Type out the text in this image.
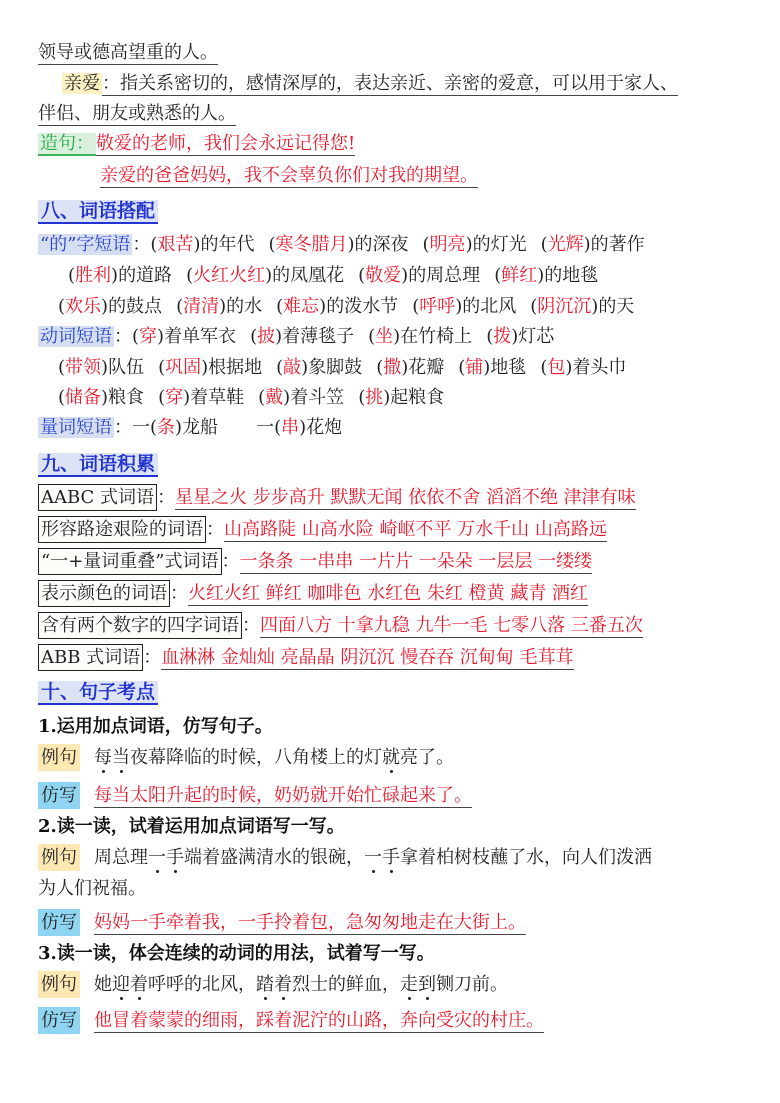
领导或德高望重的人。
亲爱 ：指关系密切的，感情深厚的，表达亲近、亲密的爱意，可以用于家人、
伴侣、朋友或熟悉的人。
造句： 敬爱的老师，我们会永远记得您!
亲爱的爸爸妈妈，我不会辜负你们对我的期望。
八、词语搭配
“的”字短语 ：(艰苦)的年代 (寒冬腊月)的深夜 (明亮)的灯光 (光辉)的著作
(胜利)的道路 (火红火红)的凤凰花 (敬爱)的周总理 (鲜红)的地毯
(欢乐)的鼓点 (清清)的水 (难忘)的泼水节 (呼呼)的北风 (阴沉沉)的天
动词短语 ：(穿)着单军衣 (披)着薄毯子 (坐)在竹椅上 (拨)灯芯
(带领)队伍 (巩固)根据地 (敲)象脚鼓 (撒)花瓣 (铺)地毯 (包)着头巾
(储备)粮食 (穿)着草鞋 (戴)着斗笠 (挑)起粮食
量词短语 ：一(条)龙船 一(串)花炮
九、词语积累
AABC 式词语 ：星星之火 步步高升 默默无闻 依依不舍 滔滔不绝 津津有味
形容路途艰险的词语 ：山高路陡 山高水险 崎岖不平 万水千山 山高路远
“一+量词重叠”式词语 ：一条条 一串串 一片片 一朵朵 一层层 一缕缕
表示颜色的词语 ：火红火红 鲜红 咖啡色 水红色 朱红 橙黄 藏青 酒红
含有两个数字的四字词语 ：四面八方 十拿九稳 九牛一毛 七零八落 三番五次
ABB 式词语 ：血淋淋 金灿灿 亮晶晶 阴沉沉 慢吞吞 沉甸甸 毛茸茸
十、句子考点
1.运用加点词语，仿写句子。
例句 每当夜幕降临的时候，八角楼上的灯就亮了。
仿写 每当太阳升起的时候，奶奶就开始忙碌起来了。
2.读一读，试着运用加点词语写一写。
例句 周总理一手端着盛满清水的银碗，一手拿着柏树枝蘸了水，向人们泼洒
为人们祝福。
仿写 妈妈一手牵着我，一手拎着包，急匆匆地走在大街上。
3.读一读，体会连续的动词的用法，试着写一写。
例句 她迎着呼呼的北风，踏着烈士的鲜血，走到铡刀前。
仿写 他冒着蒙蒙的细雨，踩着泥泞的山路，奔向受灾的村庄。
